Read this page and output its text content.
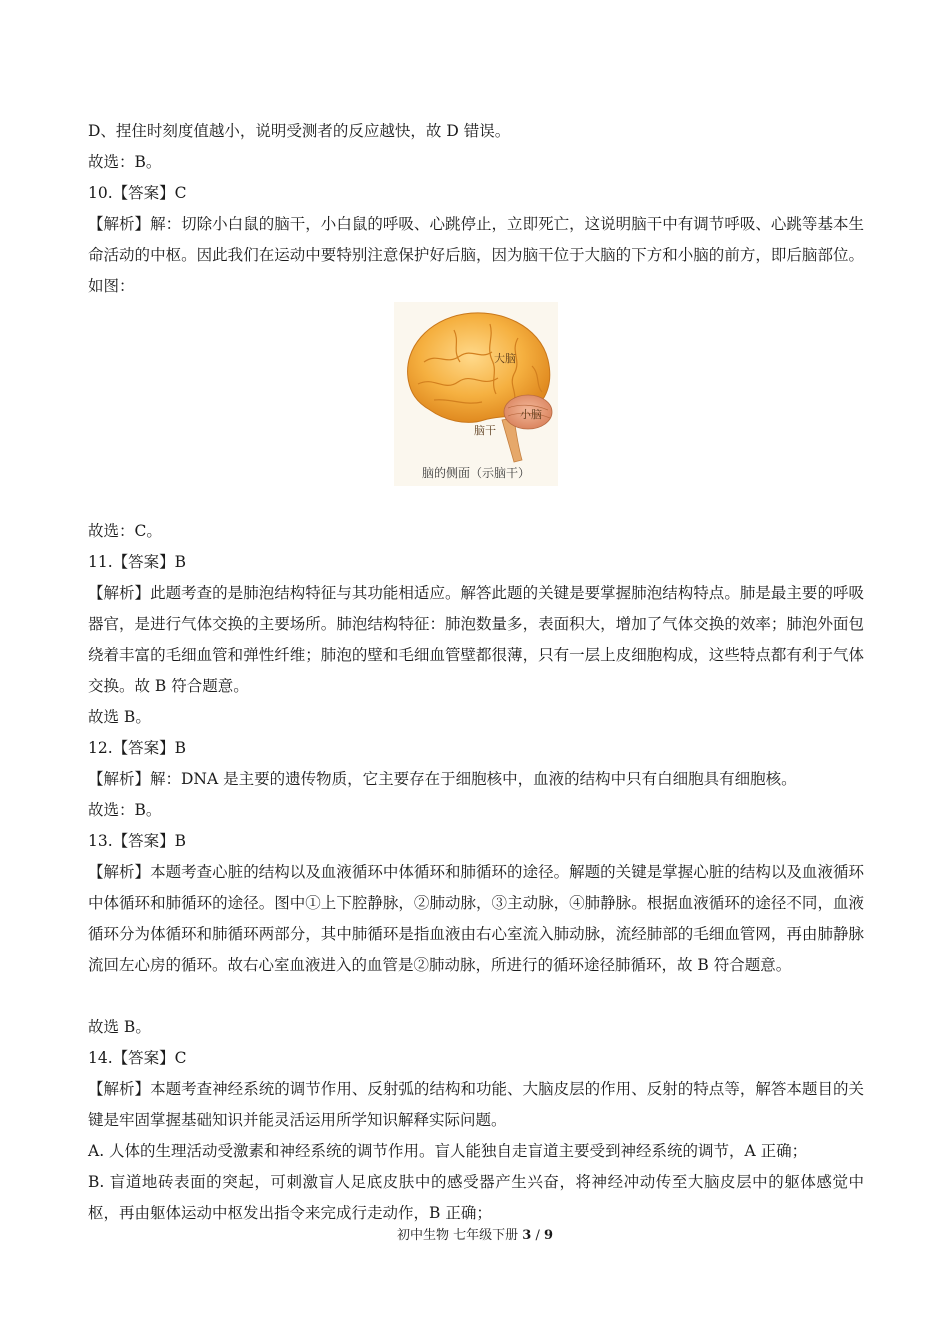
D、捏住时刻度值越小，说明受测者的反应越快，故 D 错误。
故选：B。
10.【答案】C
【解析】解：切除小白鼠的脑干，小白鼠的呼吸、心跳停止，立即死亡，这说明脑干中有调节呼吸、心跳等基本生命活动的中枢。因此我们在运动中要特别注意保护好后脑，因为脑干位于大脑的下方和小脑的前方，即后脑部位。如图：
大脑
小脑
脑干
脑的侧面（示脑干）
故选：C。
11.【答案】B
【解析】此题考查的是肺泡结构特征与其功能相适应。解答此题的关键是要掌握肺泡结构特点。肺是最主要的呼吸器官，是进行气体交换的主要场所。肺泡结构特征：肺泡数量多，表面积大，增加了气体交换的效率；肺泡外面包绕着丰富的毛细血管和弹性纤维；肺泡的壁和毛细血管壁都很薄，只有一层上皮细胞构成，这些特点都有利于气体交换。故 B 符合题意。
故选 B。
12.【答案】B
【解析】解：DNA 是主要的遗传物质，它主要存在于细胞核中，血液的结构中只有白细胞具有细胞核。
故选：B。
13.【答案】B
【解析】本题考查心脏的结构以及血液循环中体循环和肺循环的途径。解题的关键是掌握心脏的结构以及血液循环中体循环和肺循环的途径。图中①上下腔静脉，②肺动脉，③主动脉，④肺静脉。根据血液循环的途径不同，血液循环分为体循环和肺循环两部分，其中肺循环是指血液由右心室流入肺动脉，流经肺部的毛细血管网，再由肺静脉流回左心房的循环。故右心室血液进入的血管是②肺动脉，所进行的循环途径肺循环，故 B 符合题意。
故选 B。
14.【答案】C
【解析】本题考查神经系统的调节作用、反射弧的结构和功能、大脑皮层的作用、反射的特点等，解答本题目的关键是牢固掌握基础知识并能灵活运用所学知识解释实际问题。
A. 人体的生理活动受激素和神经系统的调节作用。盲人能独自走盲道主要受到神经系统的调节，A 正确；
B. 盲道地砖表面的突起，可刺激盲人足底皮肤中的感受器产生兴奋，将神经冲动传至大脑皮层中的躯体感觉中枢，再由躯体运动中枢发出指令来完成行走动作，B 正确；
初中生物 七年级下册 3 / 9
